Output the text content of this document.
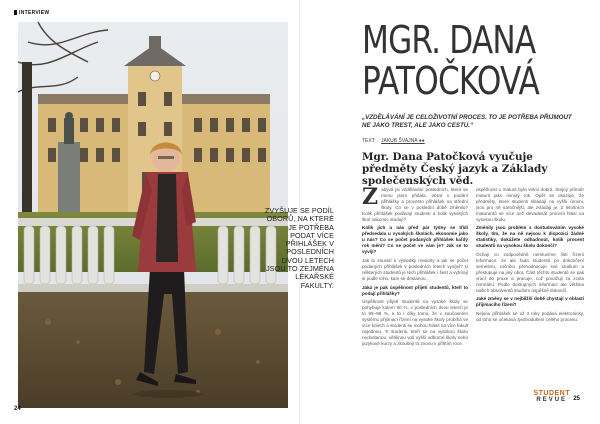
INTERVIEW
24
ZVYŠUJE SE PODÍL OBORŮ, NA KTERÉ JE POTŘEBA PODAT VÍCE PŘIHLÁŠEK V POSLEDNÍCH DVOU LETECH JSOU TO ZEJMÉNA LÉKAŘSKÉ FAKULTY.
MGR. DANA
PATOČKOVÁ
„VZDĚLÁVÁNÍ JE CELOŽIVOTNÍ PROCES. TO JE POTŘEBA PŘIJMOUT NE JAKO TREST, ALE JAKO CESTU.“
TEXT: JAKUB ŠVAJNA ●●
Mgr. Dana Patočková vyučuje předměty Český jazyk a Základy společenských věd.

Zabývá jsi vzdělávání posledních, která se mnou jsem přidala, obrat v podání přihlášky a procento přihlášek na střední školy. Co se v poslední době změnilo? Kolik přihlášek podávají studenti a kolik vysokých škol nakonec studují?

Kolik jich u nás před pár týdny se třídí předsedala u vysokých školách, ekonomie jako u nás? Co se počet podaných přihlášek kaľdý rok mění? Co se počet ve vám je? Jak se to vyvíjí?

Jak to souvisí s výsledky maturity a jak se počet podaných přihlášek v posledních letech vyvíjel? U některých studentů je těch přihlášek i šest a vybírají si podle toho, kam se dostanou.

Jaká je pak úspěšnost přijetí studentů, kteří to podají přihlášky?

Úspěšnost přijetí studentů na vysoké školy se pohybuje kolem 90 %, v posledních dvou letech je to 95–98 %, a to i díky tomu, že v současném systému přijímací řízení na vysoké školy probíhá ve více kolech a studenti se mohou hlásit na více fakult najednou. Ti studenti, kteří se na vysokou školu nedostanou, většinou volí vyšší odborné školy nebo jazykové kurzy a zkoušejí to znovu v příštím roce.

úspěšnost u maturit byla velmi dobrá. Stejný průměr maturit jako minulý rok. Opět se ukazuje, že předměty, které studenti skládají na vyšší úrovni, jsou pro ně náročnější, ale zvládají je. Z letošních maturantů se více než devadesát procent hlásí na vysokou školu.

Změnily jsou problém s dostudováním vysoké školy, tím, že na ně nejsou k dispozici žádné statistiky, dokážete odhadnout, kolik procent studentů na vysokou školu dokončí?

Ochaji co zodpovědně nemluvíme lístí řízení informace. Je ale řada studentů po dokončení semestru, ročníku přehodnocuje své studium a přestupuje na jiný obor. Část těchto studentů se pak vrací do praxe a pracuje, což považuji za zcela normální. Podle dostupných informací ale většina našich absolventů studium úspěšně dokončí.

Jaké změny se v nejbližší době chystají v oblasti přijímacího řízení?

Nejsou přihlášek se už 3 roky podává elektronicky, od toho se očekává zjednodušení celého procesu.

STUDENT
REVUE	25
